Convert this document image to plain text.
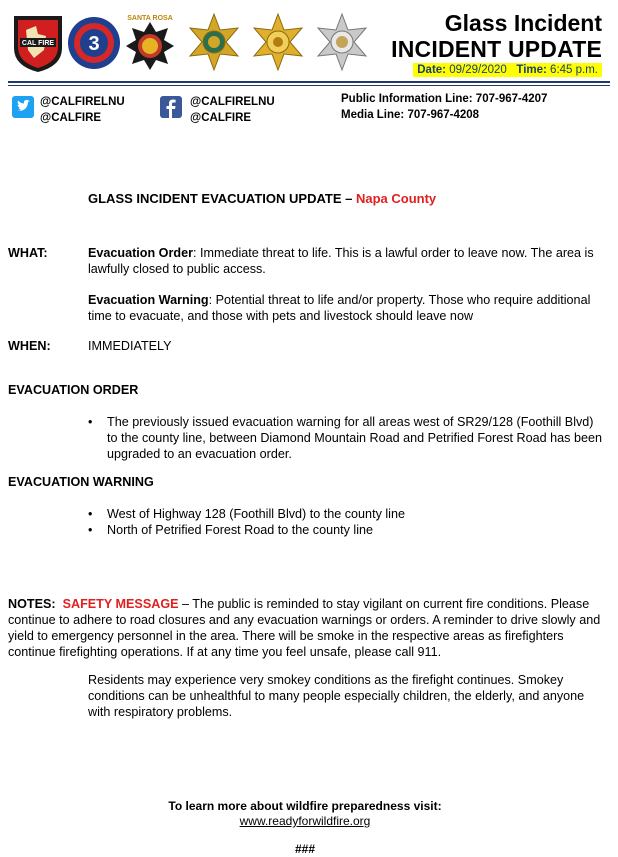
CAL FIRE 3
SANTA ROSA	Glass Incident
INCIDENT UPDATE
Date: 09/29/2020 Time: 6:45 p.m.
@CALFIRELNU
@CALFIRE
@CALFIRELNU
@CALFIRE
Public Information Line: 707-967-4207
Media Line: 707-967-4208
GLASS INCIDENT EVACUATION UPDATE – Napa County
WHAT:	Evacuation Order: Immediate threat to life. This is a lawful order to leave now. The area is lawfully closed to public access.
Evacuation Warning: Potential threat to life and/or property. Those who require additional time to evacuate, and those with pets and livestock should leave now
WHEN:	IMMEDIATELY
EVACUATION ORDER
• The previously issued evacuation warning for all areas west of SR29/128 (Foothill Blvd) to the county line, between Diamond Mountain Road and Petrified Forest Road has been upgraded to an evacuation order.
EVACUATION WARNING
• West of Highway 128 (Foothill Blvd) to the county line
• North of Petrified Forest Road to the county line
NOTES: SAFETY MESSAGE – The public is reminded to stay vigilant on current fire conditions. Please continue to adhere to road closures and any evacuation warnings or orders. A reminder to drive slowly and yield to emergency personnel in the area. There will be smoke in the respective areas as firefighters continue firefighting operations. If at any time you feel unsafe, please call 911.
Residents may experience very smokey conditions as the firefight continues. Smokey conditions can be unhealthful to many people especially children, the elderly, and anyone with respiratory problems.
To learn more about wildfire preparedness visit:
www.readyforwildfire.org
###
